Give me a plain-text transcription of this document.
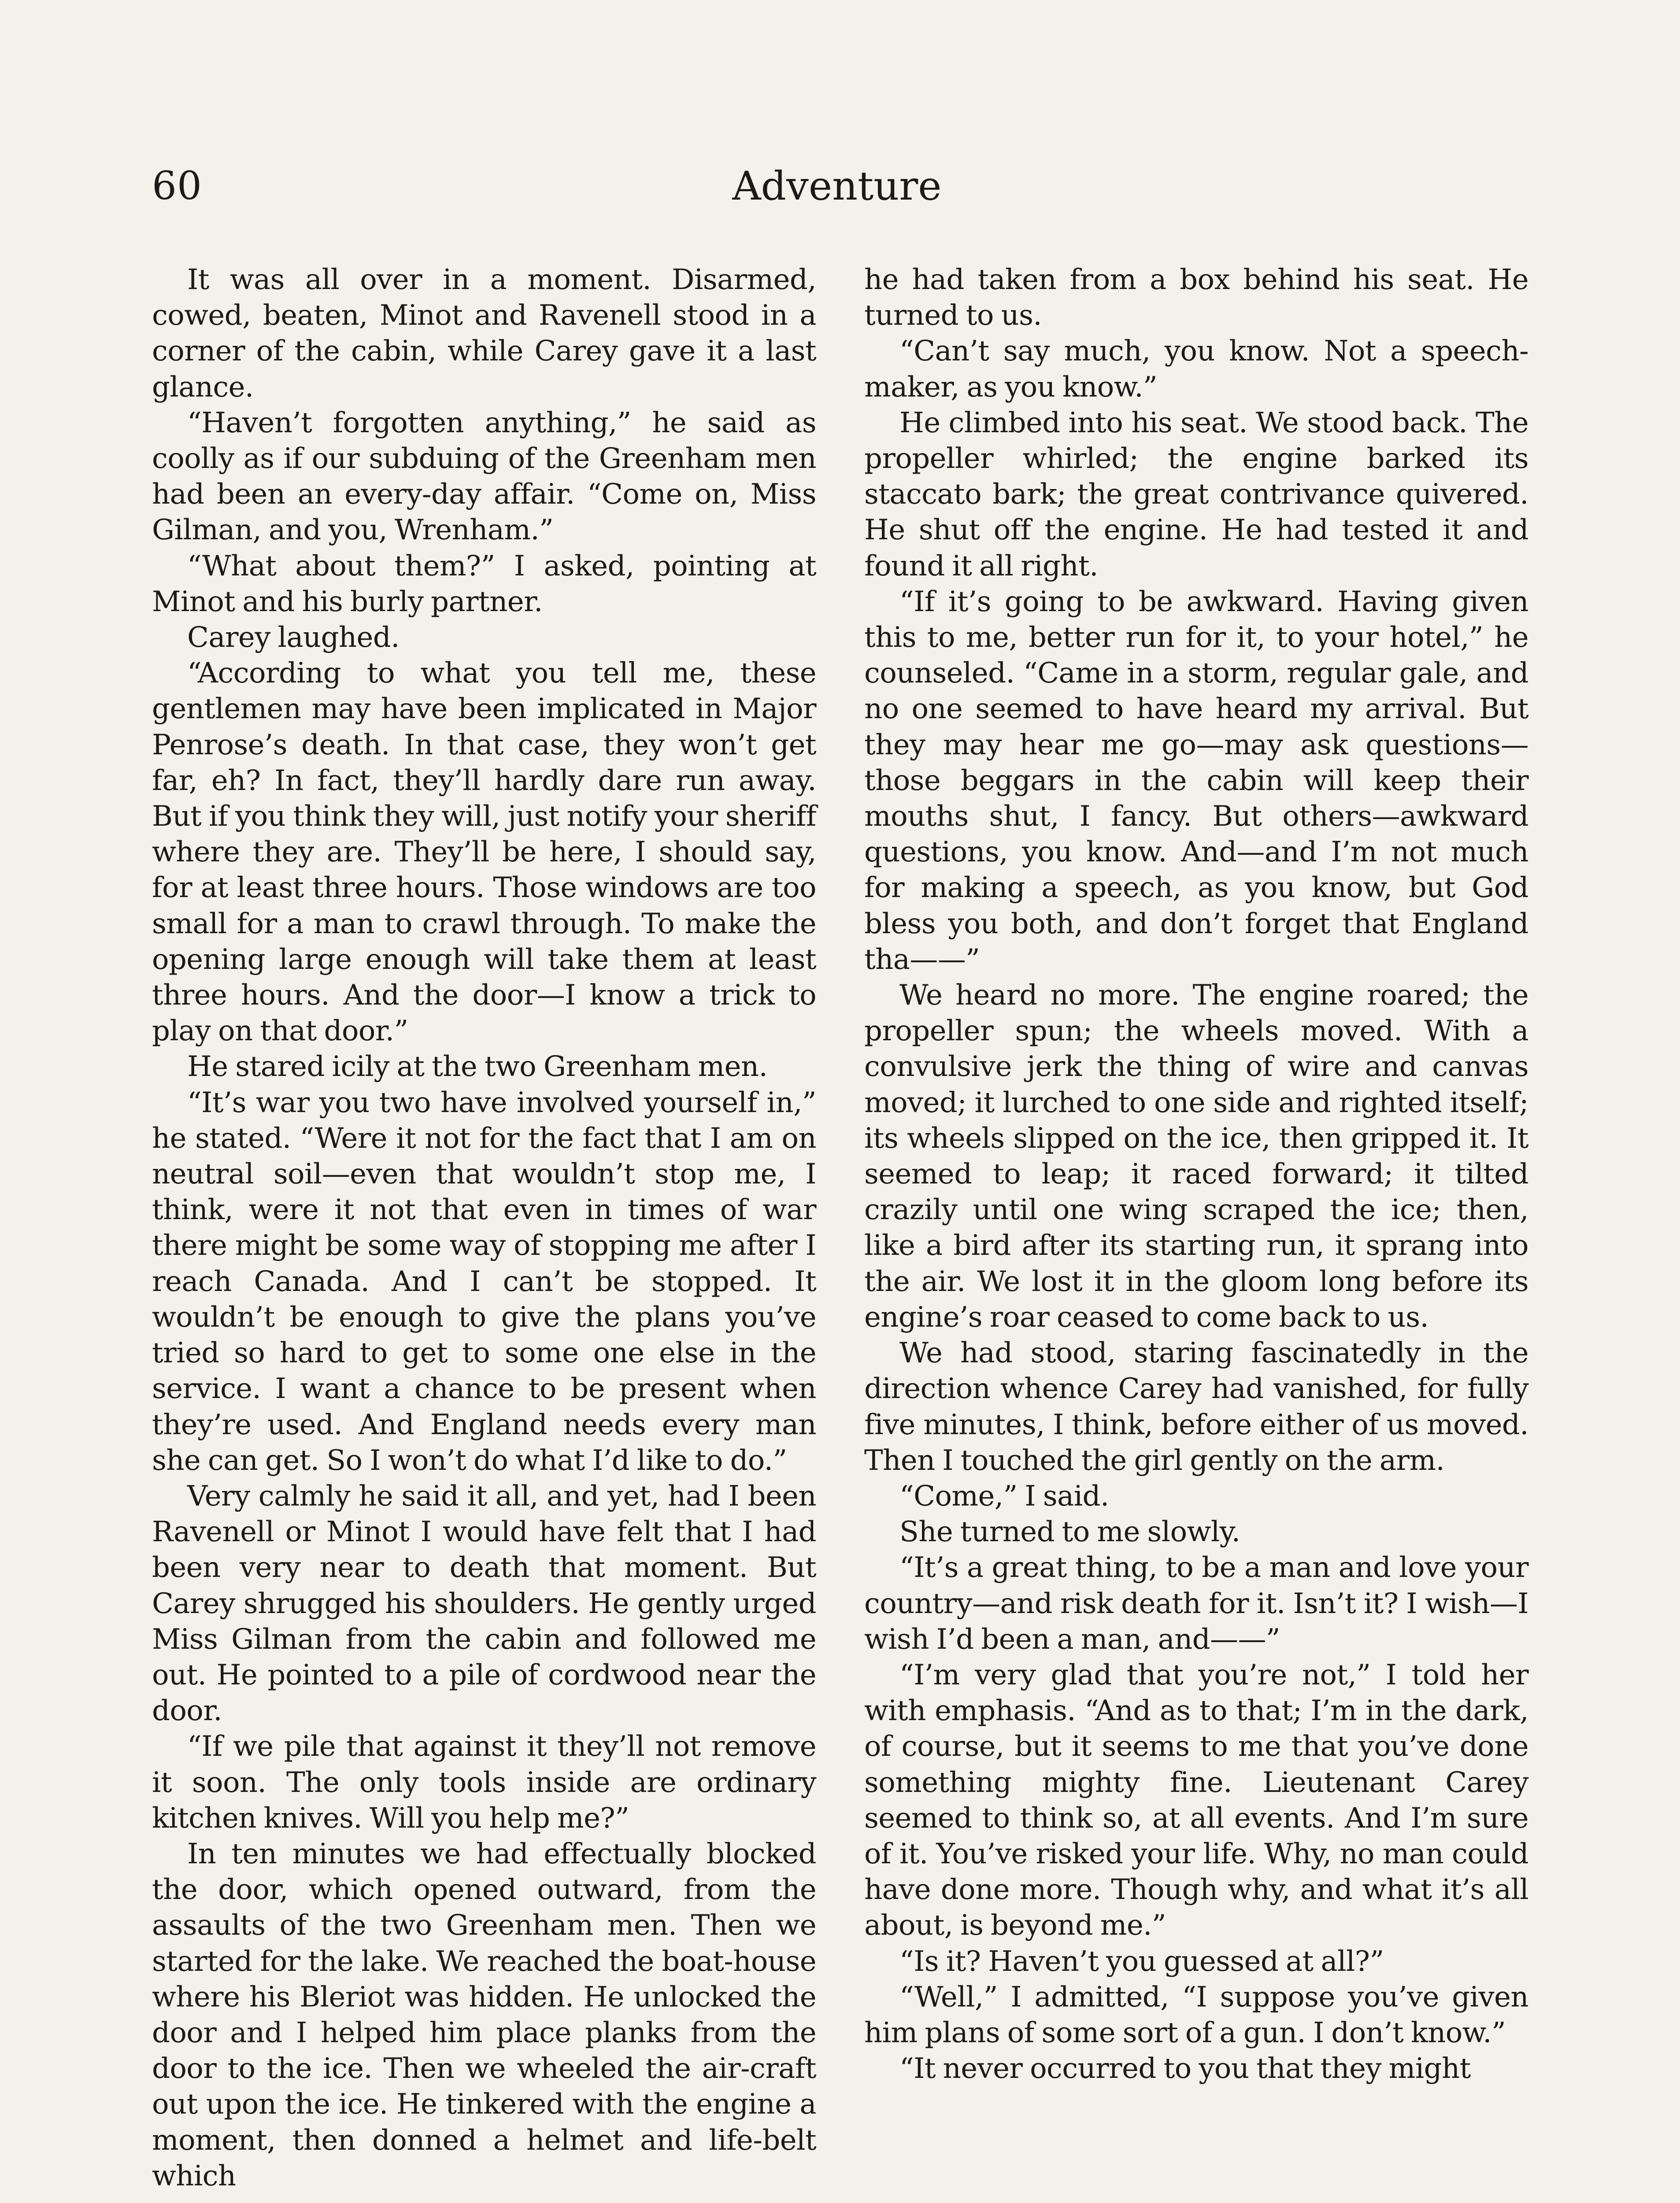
60	Adventure

It was all over in a moment. Disarmed, cowed, beaten, Minot and Ravenell stood in a corner of the cabin, while Carey gave it a last glance.

“Haven’t forgotten anything,” he said as coolly as if our subduing of the Greenham men had been an every-day affair. “Come on, Miss Gilman, and you, Wrenham.”

“What about them?” I asked, pointing at Minot and his burly partner.

Carey laughed.

“According to what you tell me, these gentlemen may have been implicated in Major Penrose’s death. In that case, they won’t get far, eh? In fact, they’ll hardly dare run away. But if you think they will, just notify your sheriff where they are. They’ll be here, I should say, for at least three hours. Those windows are too small for a man to crawl through. To make the opening large enough will take them at least three hours. And the door—I know a trick to play on that door.”

He stared icily at the two Greenham men.

“It’s war you two have involved yourself in,” he stated. “Were it not for the fact that I am on neutral soil—even that wouldn’t stop me, I think, were it not that even in times of war there might be some way of stopping me after I reach Canada. And I can’t be stopped. It wouldn’t be enough to give the plans you’ve tried so hard to get to some one else in the service. I want a chance to be present when they’re used. And England needs every man she can get. So I won’t do what I’d like to do.”

Very calmly he said it all, and yet, had I been Ravenell or Minot I would have felt that I had been very near to death that moment. But Carey shrugged his shoulders. He gently urged Miss Gilman from the cabin and followed me out. He pointed to a pile of cordwood near the door.

“If we pile that against it they’ll not remove it soon. The only tools inside are ordinary kitchen knives. Will you help me?”

In ten minutes we had effectually blocked the door, which opened outward, from the assaults of the two Greenham men. Then we started for the lake. We reached the boat-house where his Bleriot was hidden. He unlocked the door and I helped him place planks from the door to the ice. Then we wheeled the air-craft out upon the ice. He tinkered with the engine a moment, then donned a helmet and life-belt which

he had taken from a box behind his seat. He turned to us.

“Can’t say much, you know. Not a speech-maker, as you know.”

He climbed into his seat. We stood back. The propeller whirled; the engine barked its staccato bark; the great contrivance quivered. He shut off the engine. He had tested it and found it all right.

“If it’s going to be awkward. Having given this to me, better run for it, to your hotel,” he counseled. “Came in a storm, regular gale, and no one seemed to have heard my arrival. But they may hear me go—may ask questions—those beggars in the cabin will keep their mouths shut, I fancy. But others—awkward questions, you know. And—and I’m not much for making a speech, as you know, but God bless you both, and don’t forget that England tha——”

We heard no more. The engine roared; the propeller spun; the wheels moved. With a convulsive jerk the thing of wire and canvas moved; it lurched to one side and righted itself; its wheels slipped on the ice, then gripped it. It seemed to leap; it raced forward; it tilted crazily until one wing scraped the ice; then, like a bird after its starting run, it sprang into the air. We lost it in the gloom long before its engine’s roar ceased to come back to us.

We had stood, staring fascinatedly in the direction whence Carey had vanished, for fully five minutes, I think, before either of us moved. Then I touched the girl gently on the arm.

“Come,” I said.

She turned to me slowly.

“It’s a great thing, to be a man and love your country—and risk death for it. Isn’t it? I wish—I wish I’d been a man, and——”

“I’m very glad that you’re not,” I told her with emphasis. “And as to that; I’m in the dark, of course, but it seems to me that you’ve done something mighty fine. Lieutenant Carey seemed to think so, at all events. And I’m sure of it. You’ve risked your life. Why, no man could have done more. Though why, and what it’s all about, is beyond me.”

“Is it? Haven’t you guessed at all?”

“Well,” I admitted, “I suppose you’ve given him plans of some sort of a gun. I don’t know.”

“It never occurred to you that they might
